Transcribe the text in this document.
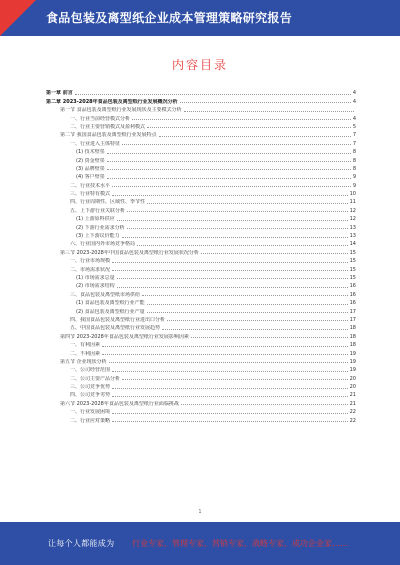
食品包装及离型纸企业成本管理策略研究报告
内容目录
第一章 前言	4
第二章 2023-2028年食品包装及离型纸行业发展概况分析	4
第一节 食品包装及离型纸行业发展现状及主要模式分析
一、行业当前经营模式分析	4
二、行业主要营销模式及盈利模式	5
第二节 我国食品包装及离型纸行业发展特点	7
一、行业进入主体特征	7
(1) 技术壁垒	8
(2) 资金壁垒	8
(3) 品牌壁垒	8
(4) 客户壁垒	9
二、行业技术水平	9
三、行业特有模式	10
四、行业周期性、区域性、季节性	11
五、上下游行业关联分析	12
(1) 上游原料供应	12
(2) 下游行业需求分析	13
(3) 上下游议价能力	13
六、行业国内外市场竞争格局	14
第三节 2023-2028年中国食品包装及离型纸行业发展状况分析	15
一、行业市场规模	15
二、市场需求状况	15
(1) 市场需求总量	15
(2) 市场需求结构	16
三、食品包装及离型纸市场供给	16
(1) 食品包装及离型纸行业产能	16
(2) 食品包装及离型纸行业产量	17
四、我国食品包装及离型纸行业进出口分析	17
五、中国食品包装及离型纸行业发展趋势	18
第四节 2023-2028年食品包装及离型纸行业发展影响因素	18
一、有利因素	18
二、不利因素	19
第五节 企业现状分析	19
一、公司经营范围	19
二、公司主要产品分析	20
三、公司竞争优势	20
四、公司竞争劣势	21
第六节 2023-2028年食品包装及离型纸行业面临挑战	21
一、行业发展困境	22
二、行业应对策略	22
1
让每个人都能成为 行业专家、管理专家、营销专家、战略专家、成功企业家……
